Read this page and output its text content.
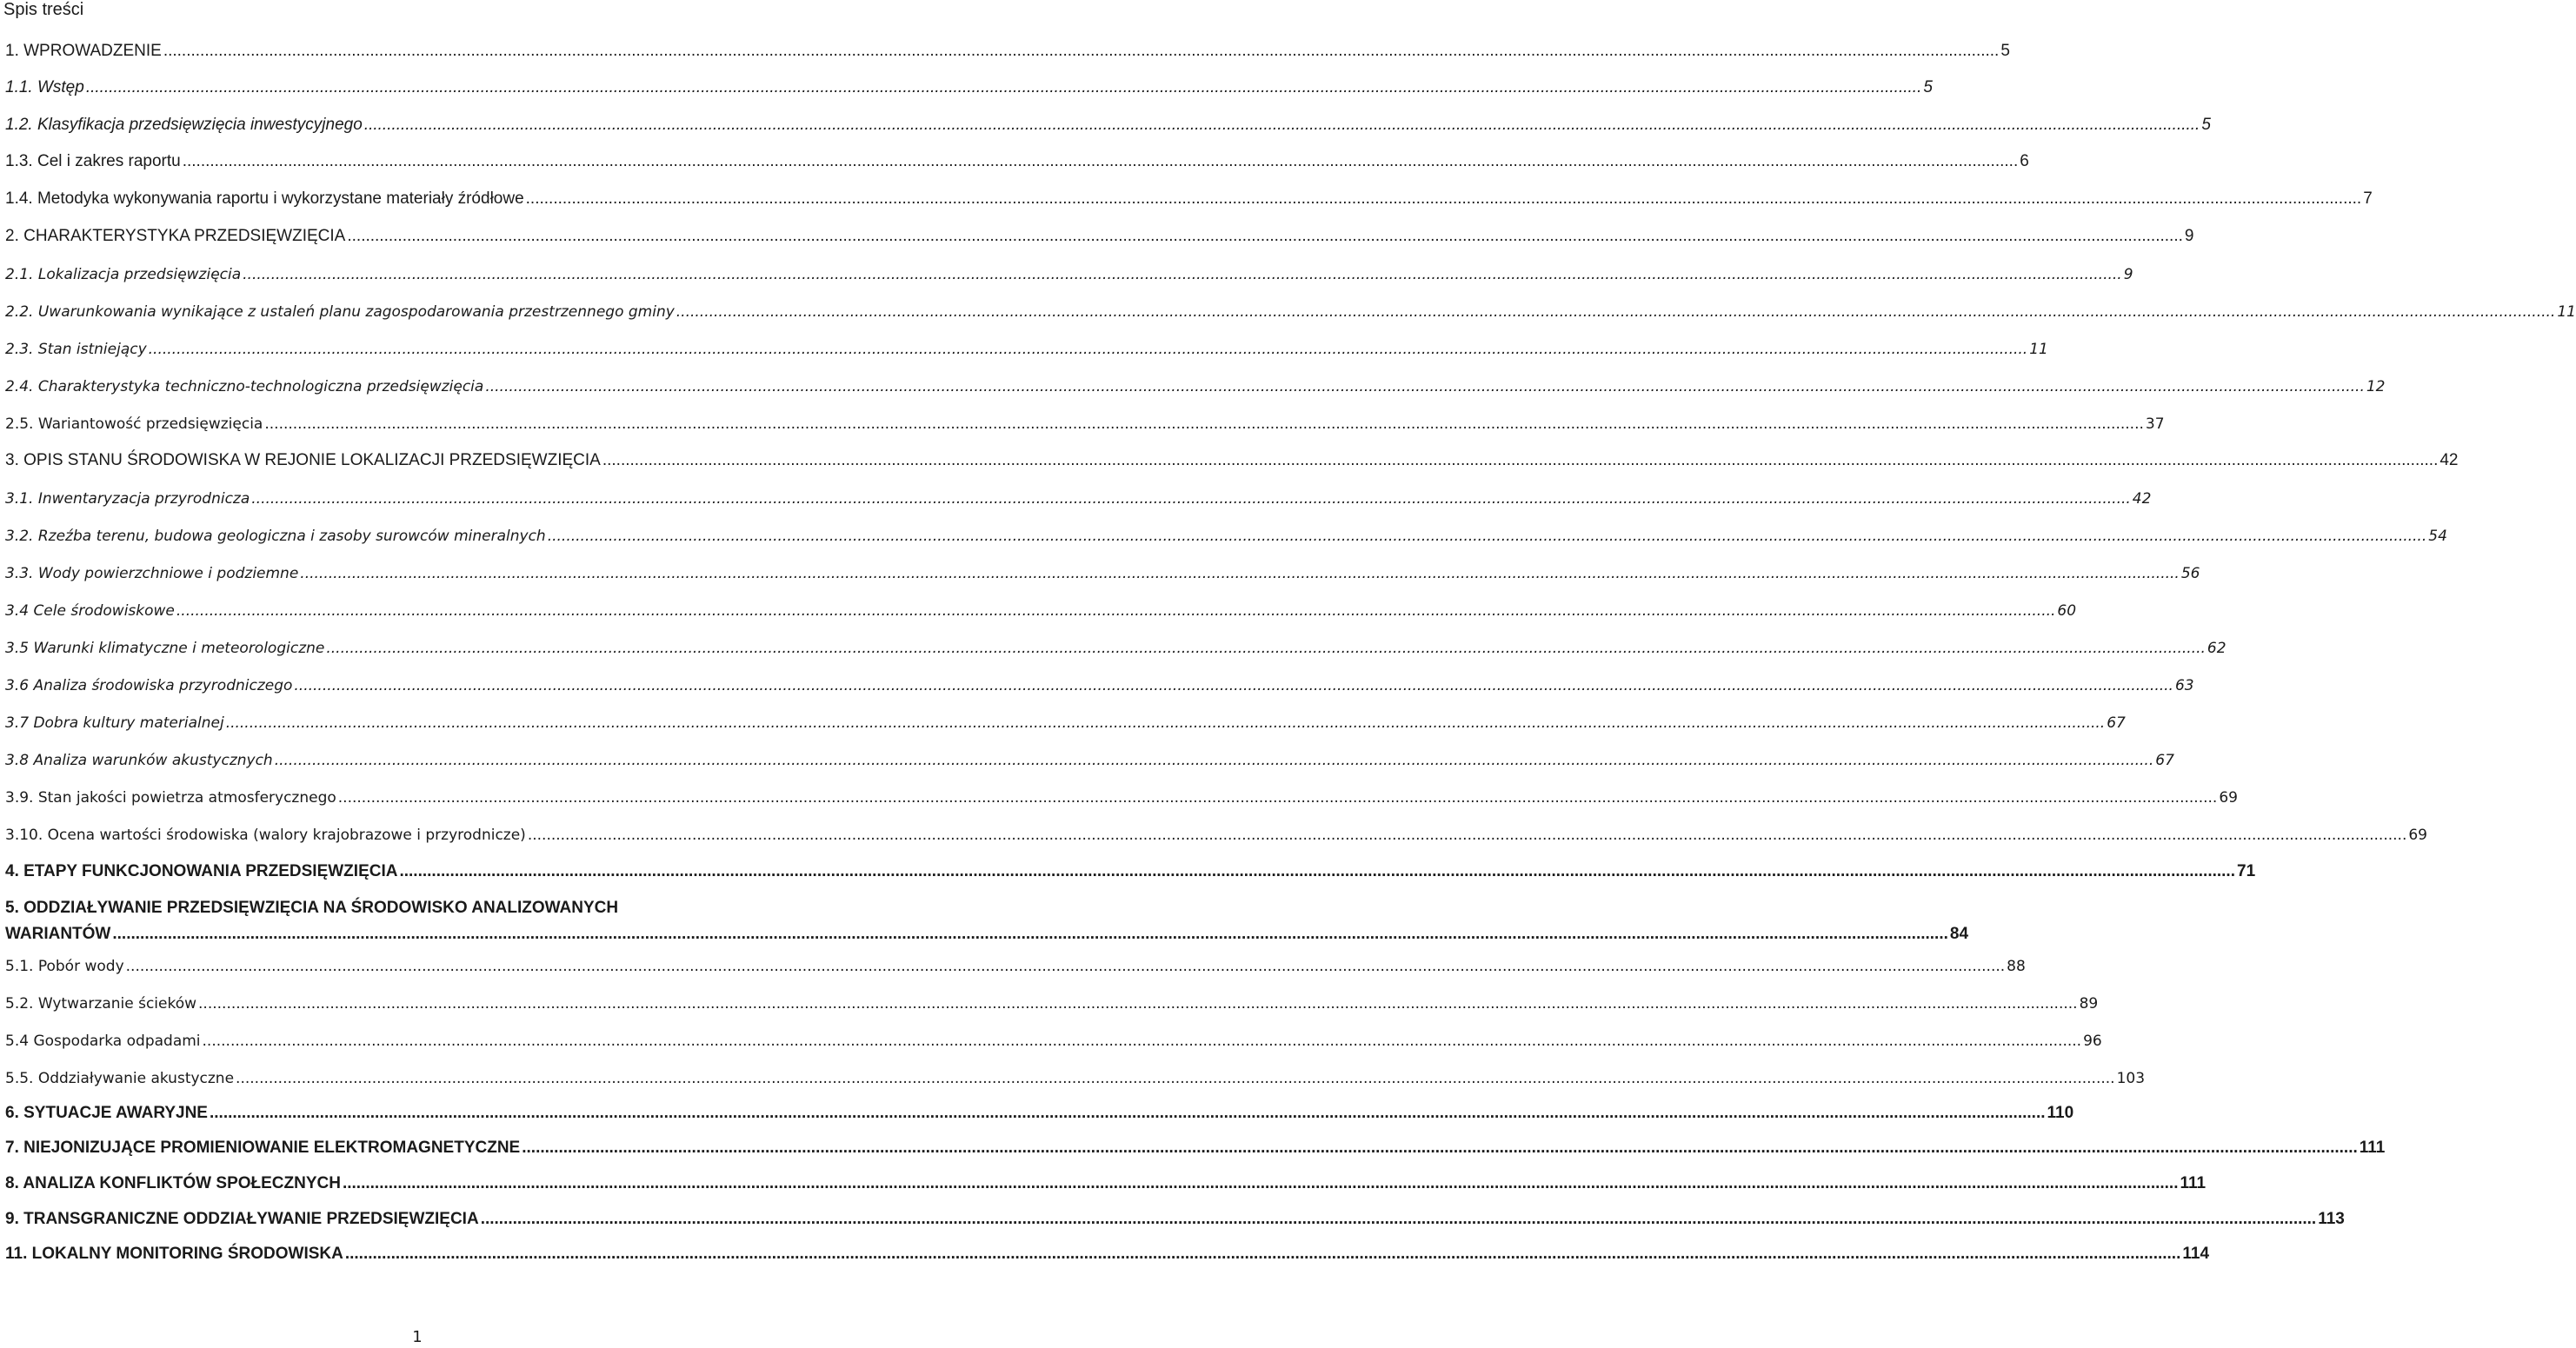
Spis treści
1. WPROWADZENIE ................................................................................................................................................................................................................................................................................................................................................................................................................ 5
1.1. Wstęp ................................................................................................................................................................................................................................................................................................................................................................................................................ 5
1.2. Klasyfikacja przedsięwzięcia inwestycyjnego ................................................................................................................................................................................................................................................................................................................................................................................................................ 5
1.3. Cel i zakres raportu ................................................................................................................................................................................................................................................................................................................................................................................................................ 6
1.4. Metodyka wykonywania raportu i wykorzystane materiały źródłowe ................................................................................................................................................................................................................................................................................................................................................................................................................ 7
2. CHARAKTERYSTYKA PRZEDSIĘWZIĘCIA ................................................................................................................................................................................................................................................................................................................................................................................................................ 9
2.1. Lokalizacja przedsięwzięcia ................................................................................................................................................................................................................................................................................................................................................................................................................ 9
2.2. Uwarunkowania wynikające z ustaleń planu zagospodarowania przestrzennego gminy ................................................................................................................................................................................................................................................................................................................................................................................................................ 11
2.3. Stan istniejący ................................................................................................................................................................................................................................................................................................................................................................................................................ 11
2.4. Charakterystyka techniczno-technologiczna przedsięwzięcia ................................................................................................................................................................................................................................................................................................................................................................................................................ 12
2.5. Wariantowość przedsięwzięcia ................................................................................................................................................................................................................................................................................................................................................................................................................ 37
3. OPIS STANU ŚRODOWISKA W REJONIE LOKALIZACJI PRZEDSIĘWZIĘCIA ................................................................................................................................................................................................................................................................................................................................................................................................................ 42
3.1. Inwentaryzacja przyrodnicza ................................................................................................................................................................................................................................................................................................................................................................................................................ 42
3.2. Rzeźba terenu, budowa geologiczna i zasoby surowców mineralnych ................................................................................................................................................................................................................................................................................................................................................................................................................ 54
3.3. Wody powierzchniowe i podziemne ................................................................................................................................................................................................................................................................................................................................................................................................................ 56
3.4 Cele środowiskowe ................................................................................................................................................................................................................................................................................................................................................................................................................ 60
3.5 Warunki klimatyczne i meteorologiczne ................................................................................................................................................................................................................................................................................................................................................................................................................ 62
3.6 Analiza środowiska przyrodniczego ................................................................................................................................................................................................................................................................................................................................................................................................................ 63
3.7 Dobra kultury materialnej ................................................................................................................................................................................................................................................................................................................................................................................................................ 67
3.8 Analiza warunków akustycznych ................................................................................................................................................................................................................................................................................................................................................................................................................ 67
3.9. Stan jakości powietrza atmosferycznego ................................................................................................................................................................................................................................................................................................................................................................................................................ 69
3.10. Ocena wartości środowiska (walory krajobrazowe i przyrodnicze) ................................................................................................................................................................................................................................................................................................................................................................................................................ 69
4. ETAPY FUNKCJONOWANIA PRZEDSIĘWZIĘCIA ................................................................................................................................................................................................................................................................................................................................................................................................................ 71
5. ODDZIAŁYWANIE PRZEDSIĘWZIĘCIA NA ŚRODOWISKO ANALIZOWANYCH
WARIANTÓW ................................................................................................................................................................................................................................................................................................................................................................................................................ 84
5.1. Pobór wody ................................................................................................................................................................................................................................................................................................................................................................................................................ 88
5.2. Wytwarzanie ścieków ................................................................................................................................................................................................................................................................................................................................................................................................................ 89
5.4 Gospodarka odpadami ................................................................................................................................................................................................................................................................................................................................................................................................................ 96
5.5. Oddziaływanie akustyczne ................................................................................................................................................................................................................................................................................................................................................................................................................ 103
6. SYTUACJE AWARYJNE ................................................................................................................................................................................................................................................................................................................................................................................................................ 110
7. NIEJONIZUJĄCE PROMIENIOWANIE ELEKTROMAGNETYCZNE ................................................................................................................................................................................................................................................................................................................................................................................................................ 111
8. ANALIZA KONFLIKTÓW SPOŁECZNYCH ................................................................................................................................................................................................................................................................................................................................................................................................................ 111
9. TRANSGRANICZNE ODDZIAŁYWANIE PRZEDSIĘWZIĘCIA ................................................................................................................................................................................................................................................................................................................................................................................................................ 113
11. LOKALNY MONITORING ŚRODOWISKA ................................................................................................................................................................................................................................................................................................................................................................................................................ 114
1
